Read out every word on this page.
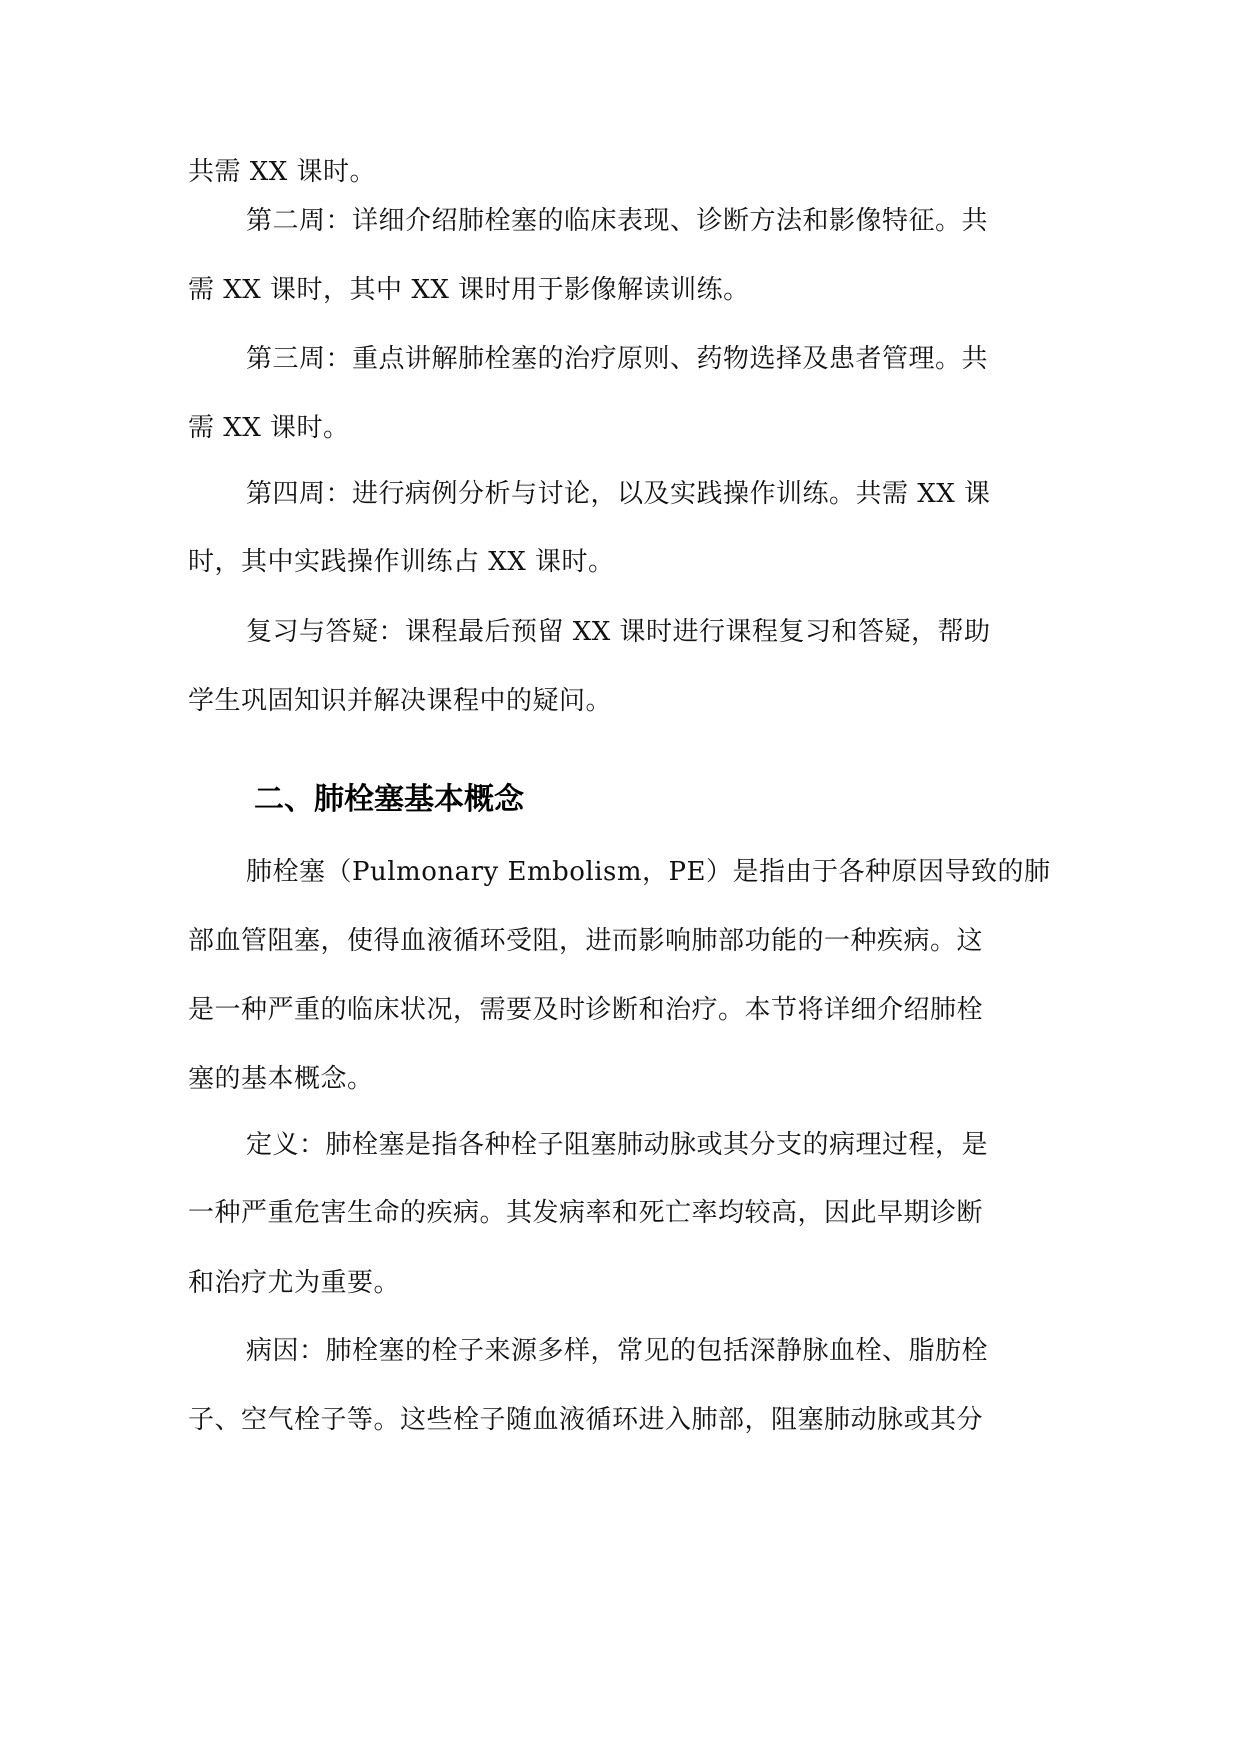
共需 XX 课时。
第二周：详细介绍肺栓塞的临床表现、诊断方法和影像特征。共
需 XX 课时，其中 XX 课时用于影像解读训练。
第三周：重点讲解肺栓塞的治疗原则、药物选择及患者管理。共
需 XX 课时。
第四周：进行病例分析与讨论，以及实践操作训练。共需 XX 课
时，其中实践操作训练占 XX 课时。
复习与答疑：课程最后预留 XX 课时进行课程复习和答疑，帮助
学生巩固知识并解决课程中的疑问。
二、肺栓塞基本概念
肺栓塞（Pulmonary Embolism，PE）是指由于各种原因导致的肺
部血管阻塞，使得血液循环受阻，进而影响肺部功能的一种疾病。这
是一种严重的临床状况，需要及时诊断和治疗。本节将详细介绍肺栓
塞的基本概念。
定义：肺栓塞是指各种栓子阻塞肺动脉或其分支的病理过程，是
一种严重危害生命的疾病。其发病率和死亡率均较高，因此早期诊断
和治疗尤为重要。
病因：肺栓塞的栓子来源多样，常见的包括深静脉血栓、脂肪栓
子、空气栓子等。这些栓子随血液循环进入肺部，阻塞肺动脉或其分
